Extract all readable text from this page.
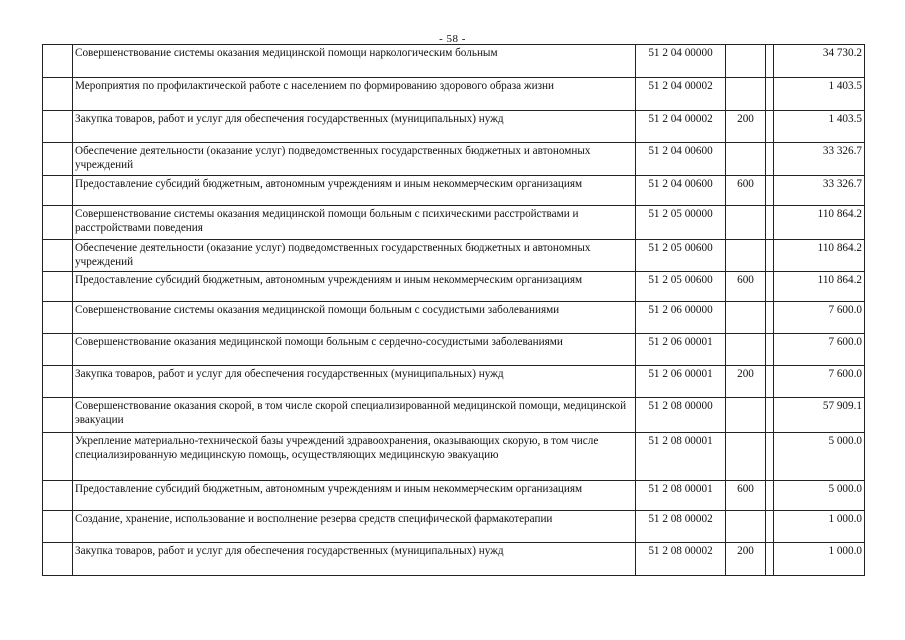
- 58 -
	Совершенствование системы оказания медицинской помощи наркологическим больным	51 2 04 00000			34 730.2
	Мероприятия по профилактической работе с населением по формированию здорового образа жизни	51 2 04 00002			1 403.5
	Закупка товаров, работ и услуг для обеспечения государственных (муниципальных) нужд	51 2 04 00002	200		1 403.5
	Обеспечение деятельности (оказание услуг) подведомственных государственных бюджетных и автономных учреждений	51 2 04 00600			33 326.7
	Предоставление субсидий бюджетным, автономным учреждениям и иным некоммерческим организациям	51 2 04 00600	600		33 326.7
	Совершенствование системы оказания медицинской помощи больным с психическими расстройствами и расстройствами поведения	51 2 05 00000			110 864.2
	Обеспечение деятельности (оказание услуг) подведомственных государственных бюджетных и автономных учреждений	51 2 05 00600			110 864.2
	Предоставление субсидий бюджетным, автономным учреждениям и иным некоммерческим организациям	51 2 05 00600	600		110 864.2
	Совершенствование системы оказания медицинской помощи больным с сосудистыми заболеваниями	51 2 06 00000			7 600.0
	Совершенствование оказания медицинской помощи больным с сердечно-сосудистыми заболеваниями	51 2 06 00001			7 600.0
	Закупка товаров, работ и услуг для обеспечения государственных (муниципальных) нужд	51 2 06 00001	200		7 600.0
	Совершенствование оказания скорой, в том числе скорой специализированной медицинской помощи, медицинской эвакуации	51 2 08 00000			57 909.1
	Укрепление материально-технической базы учреждений здравоохранения, оказывающих скорую, в том числе специализированную медицинскую помощь, осуществляющих медицинскую эвакуацию	51 2 08 00001			5 000.0
	Предоставление субсидий бюджетным, автономным учреждениям и иным некоммерческим организациям	51 2 08 00001	600		5 000.0
	Создание, хранение, использование и восполнение резерва средств специфической фармакотерапии	51 2 08 00002			1 000.0
	Закупка товаров, работ и услуг для обеспечения государственных (муниципальных) нужд	51 2 08 00002	200		1 000.0
